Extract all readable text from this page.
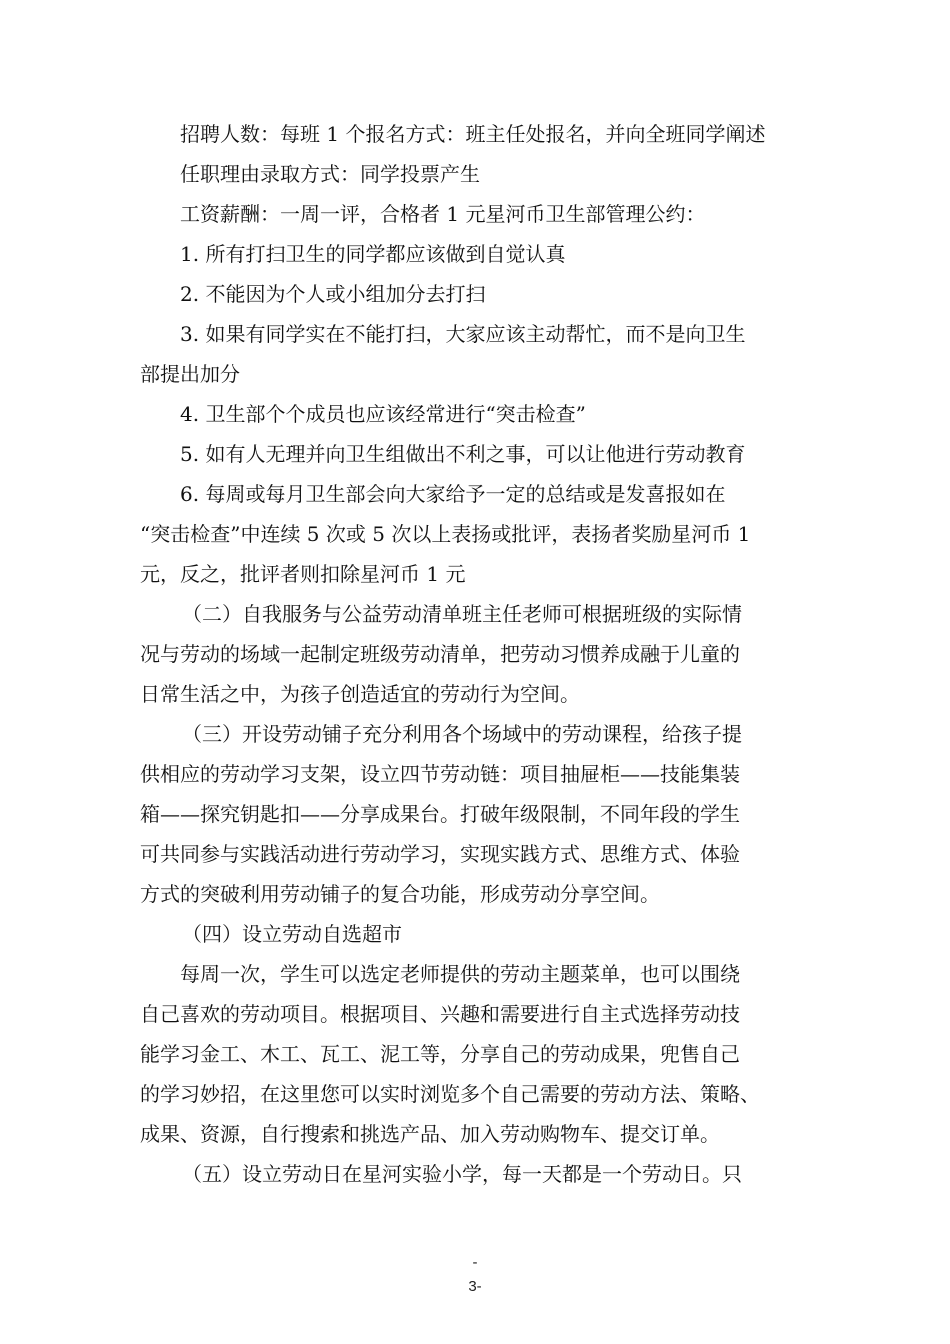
招聘人数：每班 1 个报名方式：班主任处报名，并向全班同学阐述
任职理由录取方式：同学投票产生
工资薪酬：一周一评，合格者 1 元星河币卫生部管理公约：
1. 所有打扫卫生的同学都应该做到自觉认真
2. 不能因为个人或小组加分去打扫
3. 如果有同学实在不能打扫，大家应该主动帮忙，而不是向卫生
部提出加分
4. 卫生部个个成员也应该经常进行“突击检查”
5. 如有人无理并向卫生组做出不利之事，可以让他进行劳动教育
6. 每周或每月卫生部会向大家给予一定的总结或是发喜报如在
“突击检查”中连续 5 次或 5 次以上表扬或批评，表扬者奖励星河币 1
元，反之，批评者则扣除星河币 1 元
（二）自我服务与公益劳动清单班主任老师可根据班级的实际情
况与劳动的场域一起制定班级劳动清单，把劳动习惯养成融于儿童的
日常生活之中，为孩子创造适宜的劳动行为空间。
（三）开设劳动铺子充分利用各个场域中的劳动课程，给孩子提
供相应的劳动学习支架，设立四节劳动链：项目抽屉柜——技能集装
箱——探究钥匙扣——分享成果台。打破年级限制，不同年段的学生
可共同参与实践活动进行劳动学习，实现实践方式、思维方式、体验
方式的突破利用劳动铺子的复合功能，形成劳动分享空间。
（四）设立劳动自选超市
每周一次，学生可以选定老师提供的劳动主题菜单，也可以围绕
自己喜欢的劳动项目。根据项目、兴趣和需要进行自主式选择劳动技
能学习金工、木工、瓦工、泥工等，分享自己的劳动成果，兜售自己
的学习妙招，在这里您可以实时浏览多个自己需要的劳动方法、策略、
成果、资源，自行搜索和挑选产品、加入劳动购物车、提交订单。
（五）设立劳动日在星河实验小学，每一天都是一个劳动日。只
-
3-
